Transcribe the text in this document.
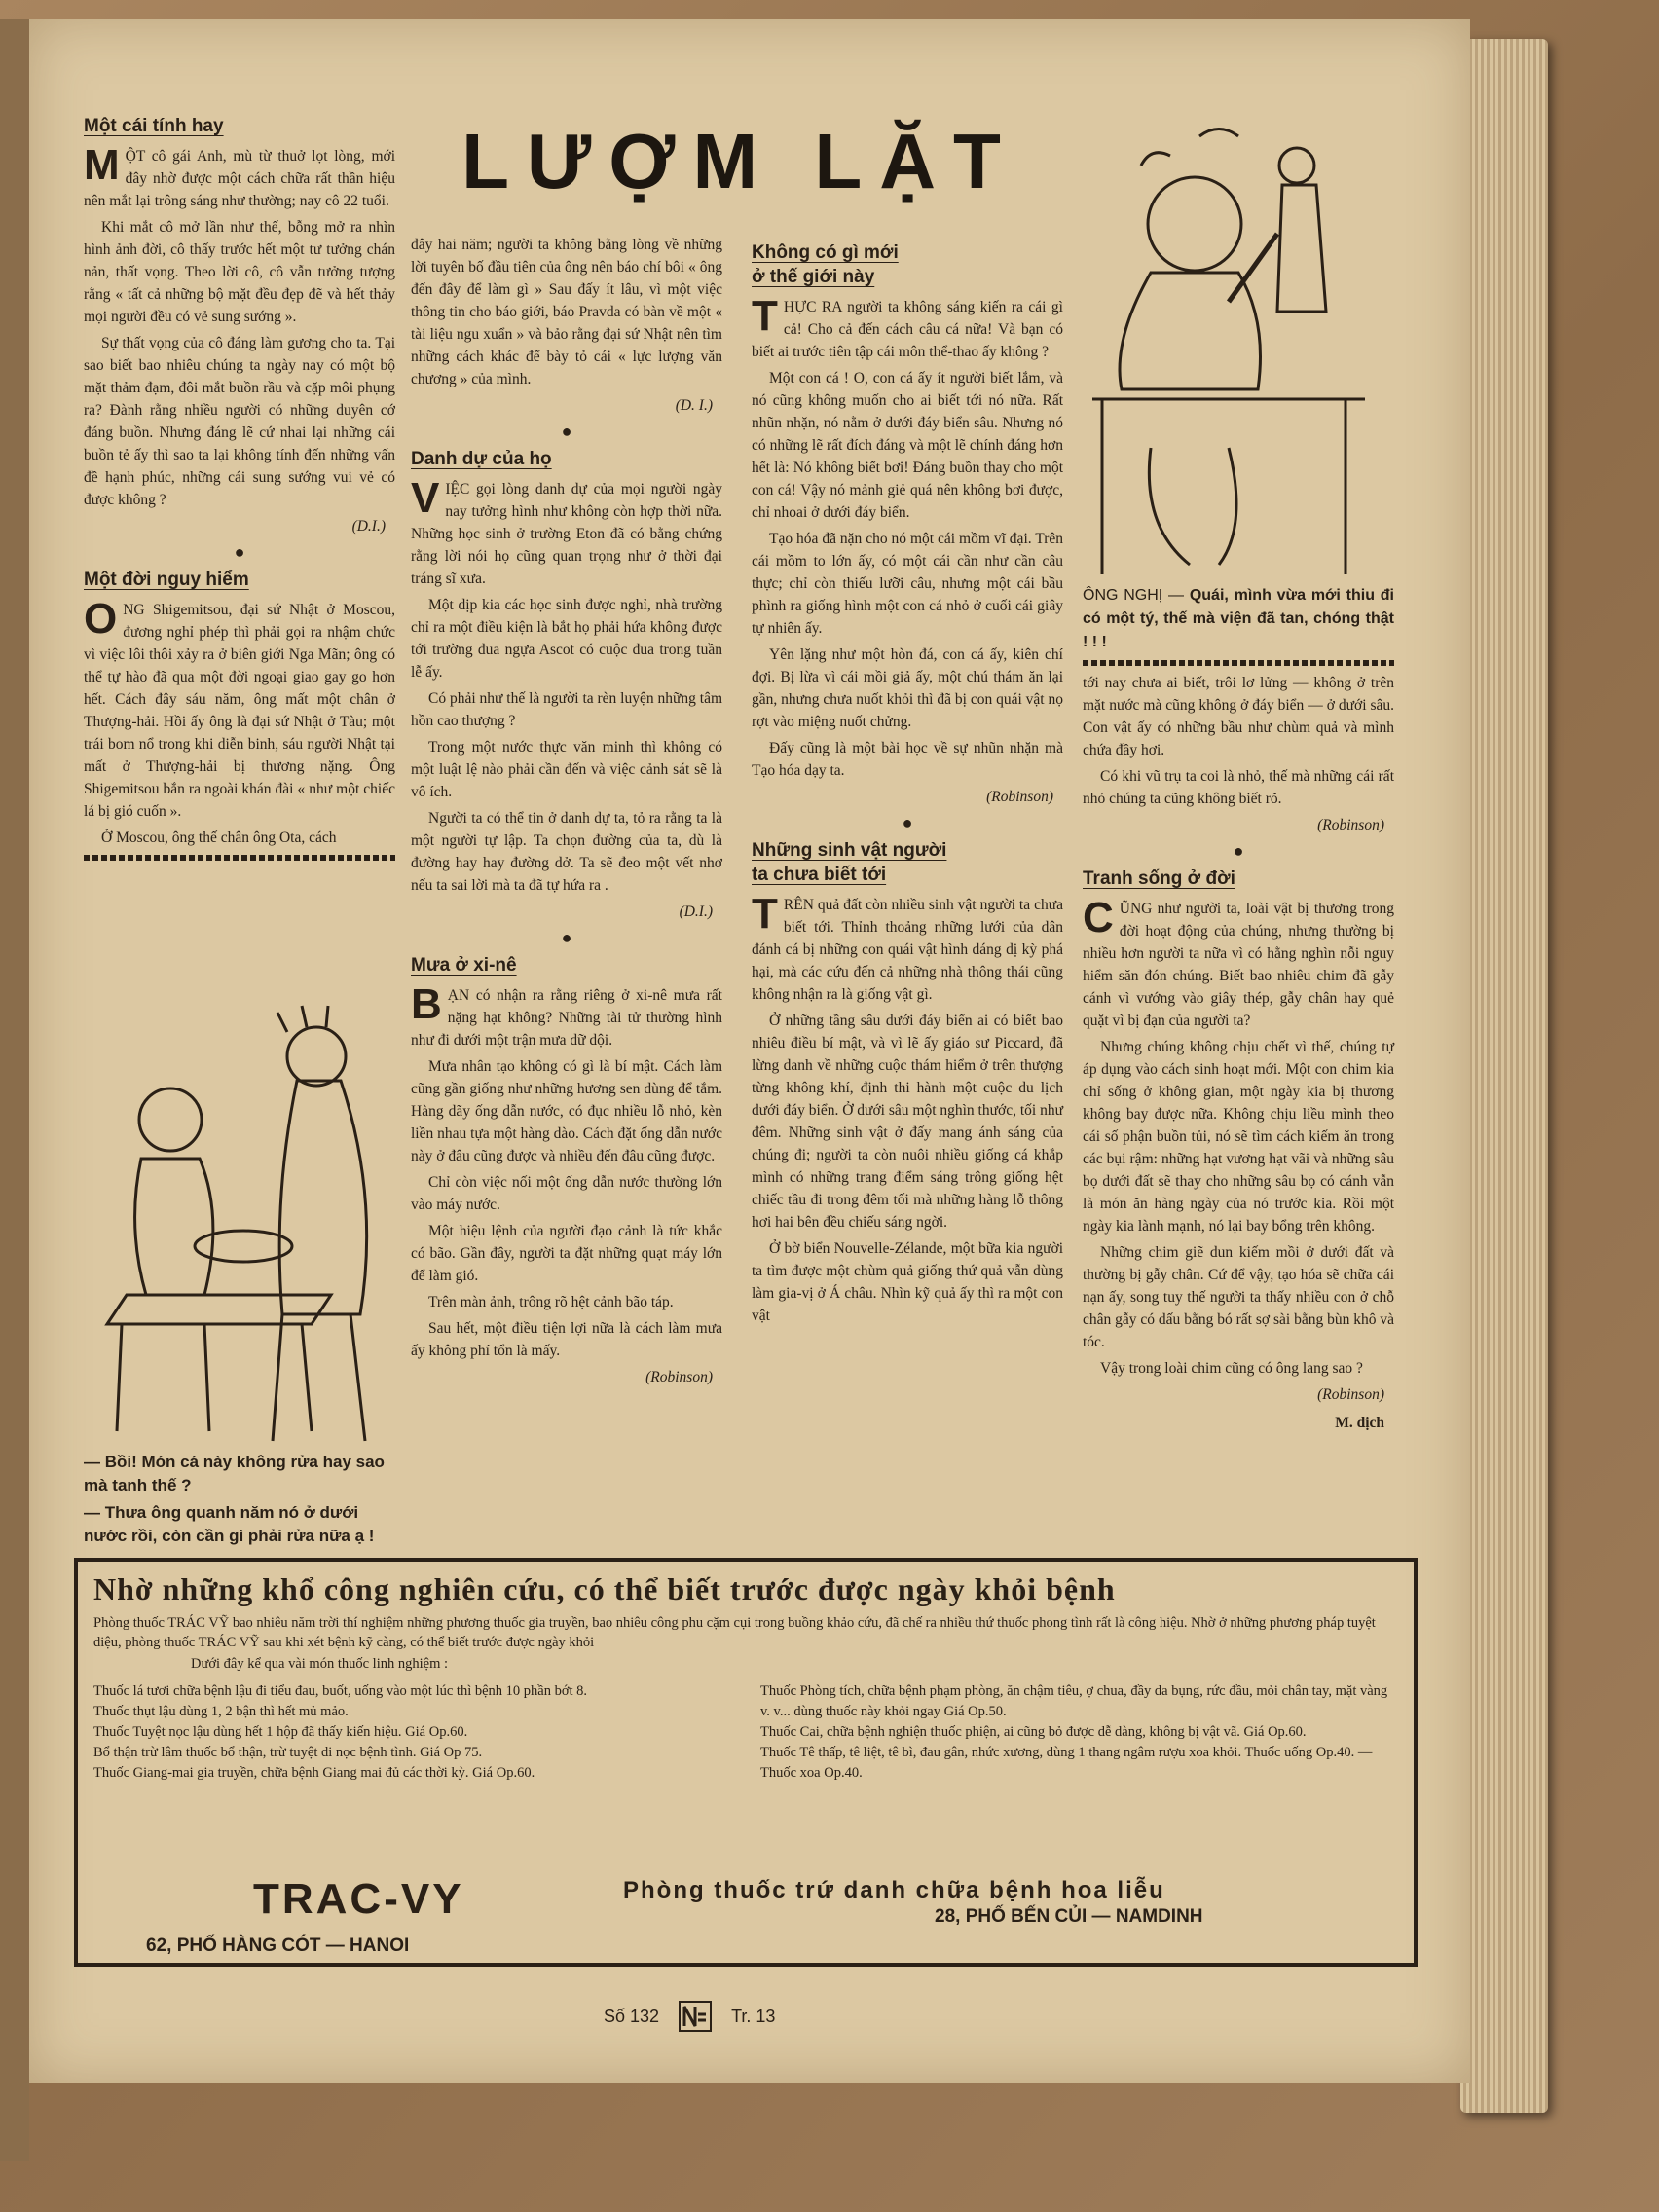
LƯỢM LẶT
Một cái tính hay

MỘT cô gái Anh, mù từ thuở lọt lòng, mới đây nhờ được một cách chữa rất thần hiệu nên mắt lại trông sáng như thường; nay cô 22 tuổi.

Khi mắt cô mở lần như thế, bỗng mở ra nhìn hình ảnh đời, cô thấy trước hết một tư tưởng chán nản, thất vọng. Theo lời cô, cô vẫn tưởng tượng rằng « tất cả những bộ mặt đều đẹp đẽ và hết thảy mọi người đều có vẻ sung sướng ».

Sự thất vọng của cô đáng làm gương cho ta. Tại sao biết bao nhiêu chúng ta ngày nay có một bộ mặt thảm đạm, đôi mắt buồn rầu và cặp môi phụng ra? Đành rằng nhiều người có những duyên cớ đáng buồn. Nhưng đáng lẽ cứ nhai lại những cái buồn tẻ ấy thì sao ta lại không tính đến những vấn đề hạnh phúc, những cái sung sướng vui vẻ có được không ?

(D.I.)
●
Một đời nguy hiểm

ONG Shigemitsou, đại sứ Nhật ở Moscou, đương nghỉ phép thì phải gọi ra nhậm chức vì việc lôi thôi xảy ra ở biên giới Nga Mãn; ông có thể tự hào đã qua một đời ngoại giao gay go hơn hết. Cách đây sáu năm, ông mất một chân ở Thượng-hải. Hồi ấy ông là đại sứ Nhật ở Tàu; một trái bom nổ trong khi diễn binh, sáu người Nhật tại mất ở Thượng-hải bị thương nặng. Ông Shigemitsou bắn ra ngoài khán đài « như một chiếc lá bị gió cuốn ».

Ở Moscou, ông thế chân ông Ota, cách

— Bồi! Món cá này không rửa hay sao mà tanh thế ?
— Thưa ông quanh năm nó ở dưới nước rồi, còn cần gì phải rửa nữa ạ !

đây hai năm; người ta không bằng lòng về những lời tuyên bố đầu tiên của ông nên báo chí bôi « ông đến đây để làm gì » Sau đấy ít lâu, vì một việc thông tin cho báo giới, báo Pravda có bàn về một « tài liệu ngu xuẩn » và bảo rằng đại sứ Nhật nên tìm những cách khác để bày tỏ cái « lực lượng văn chương » của mình.

(D. I.)
●
Danh dự của họ

VIỆC gọi lòng danh dự của mọi người ngày nay tưởng hình như không còn hợp thời nữa. Những học sinh ở trường Eton đã có bằng chứng rằng lời nói họ cũng quan trọng như ở thời đại tráng sĩ xưa.

Một dịp kia các học sinh được nghỉ, nhà trường chỉ ra một điều kiện là bắt họ phải hứa không được tới trường đua ngựa Ascot có cuộc đua trong tuần lễ ấy.

Có phải như thế là người ta rèn luyện những tâm hồn cao thượng ?

Trong một nước thực văn minh thì không có một luật lệ nào phải cần đến và việc cảnh sát sẽ là vô ích.

Người ta có thể tin ở danh dự ta, tỏ ra rằng ta là một người tự lập. Ta chọn đường của ta, dù là đường hay hay đường dở. Ta sẽ đeo một vết nhơ nếu ta sai lời mà ta đã tự hứa ra .

(D.I.)
●
Mưa ở xi-nê

BẠN có nhận ra rằng riêng ở xi-nê mưa rất nặng hạt không? Những tài tử thường hình như đi dưới một trận mưa dữ dội.

Mưa nhân tạo không có gì là bí mật. Cách làm cũng gần giống như những hương sen dùng để tắm. Hàng dãy ống dẫn nước, có đục nhiều lỗ nhỏ, kèn liền nhau tựa một hàng dào. Cách đặt ống dẫn nước này ở đâu cũng được và nhiều đến đâu cũng được.

Chỉ còn việc nối một ống dẫn nước thường lớn vào máy nước.

Một hiệu lệnh của người đạo cảnh là tức khắc có bão. Gần đây, người ta đặt những quạt máy lớn để làm gió.

Trên màn ảnh, trông rõ hệt cảnh bão táp.

Sau hết, một điều tiện lợi nữa là cách làm mưa ấy không phí tổn là mấy.

(Robinson)
Không có gì mới
ở thế giới này

THỰC RA người ta không sáng kiến ra cái gì cả! Cho cả đến cách câu cá nữa! Và bạn có biết ai trước tiên tập cái môn thể-thao ấy không ?

Một con cá ! O, con cá ấy ít người biết lắm, và nó cũng không muốn cho ai biết tới nó nữa. Rất nhũn nhặn, nó nằm ở dưới đáy biển sâu. Nhưng nó có những lẽ rất đích đáng và một lẽ chính đáng hơn hết là: Nó không biết bơi! Đáng buồn thay cho một con cá! Vậy nó mảnh giẻ quá nên không bơi được, chỉ nhoai ở dưới đáy biển.

Tạo hóa đã nặn cho nó một cái mồm vĩ đại. Trên cái mồm to lớn ấy, có một cái cần như cần câu thực; chỉ còn thiếu lưỡi câu, nhưng một cái bầu phình ra giống hình một con cá nhỏ ở cuối cái giây tự nhiên ấy.

Yên lặng như một hòn đá, con cá ấy, kiên chí đợi. Bị lừa vì cái mồi giả ấy, một chú thám ăn lại gần, nhưng chưa nuốt khỏi thì đã bị con quái vật nọ rợt vào miệng nuốt chửng.

Đấy cũng là một bài học về sự nhũn nhặn mà Tạo hóa dạy ta.

(Robinson)
●
Những sinh vật người
ta chưa biết tới

TRÊN quả đất còn nhiều sinh vật người ta chưa biết tới. Thỉnh thoảng những lưới của dân đánh cá bị những con quái vật hình dáng dị kỳ phá hại, mà các cứu đến cả những nhà thông thái cũng không nhận ra là giống vật gì.

Ở những tầng sâu dưới đáy biển ai có biết bao nhiêu điều bí mật, và vì lẽ ấy giáo sư Piccard, đã lừng danh về những cuộc thám hiểm ở trên thượng từng không khí, định thi hành một cuộc du lịch dưới đáy biển. Ở dưới sâu một nghìn thước, tối như đêm. Những sinh vật ở đấy mang ánh sáng của chúng đi; người ta còn nuôi nhiều giống cá khắp mình có những trang điểm sáng trông giống hệt chiếc tầu đi trong đêm tối mà những hàng lỗ thông hơi hai bên đều chiếu sáng ngời.

Ở bờ biển Nouvelle-Zélande, một bữa kia người ta tìm được một chùm quả giống thứ quả vẫn dùng làm gia-vị ở Á châu. Nhìn kỹ quả ấy thì ra một con vật

ÔNG NGHỊ — Quái, mình vừa mới thiu đi có một tý, thế mà viện đã tan, chóng thật ! ! !

tới nay chưa ai biết, trôi lơ lửng — không ở trên mặt nước mà cũng không ở đáy biển — ở dưới sâu. Con vật ấy có những bầu như chùm quả và mình chứa đầy hơi.

Có khi vũ trụ ta coi là nhỏ, thế mà những cái rất nhỏ chúng ta cũng không biết rõ.

(Robinson)
●
Tranh sống ở đời

CŨNG như người ta, loài vật bị thương trong đời hoạt động của chúng, nhưng thường bị nhiều hơn người ta nữa vì có hằng nghìn nỗi nguy hiểm săn đón chúng. Biết bao nhiêu chim đã gẫy cánh vì vướng vào giây thép, gẫy chân hay quẻ quặt vì bị đạn của người ta?

Nhưng chúng không chịu chết vì thế, chúng tự áp dụng vào cách sinh hoạt mới. Một con chim kia chỉ sống ở không gian, một ngày kia bị thương không bay được nữa. Không chịu liều mình theo cái số phận buồn tủi, nó sẽ tìm cách kiếm ăn trong các bụi rậm: những hạt vương hạt vãi và những sâu bọ dưới đất sẽ thay cho những sâu bọ có cánh vẫn là món ăn hàng ngày của nó trước kia. Rồi một ngày kia lành mạnh, nó lại bay bổng trên không.

Những chim giẽ dun kiếm mồi ở dưới đất và thường bị gẫy chân. Cứ để vậy, tạo hóa sẽ chữa cái nạn ấy, song tuy thế người ta thấy nhiều con ở chỗ chân gẫy có dấu bằng bó rất sợ sài bằng bùn khô và tóc.

Vậy trong loài chim cũng có ông lang sao ?

(Robinson)
M. dịch
Nhờ những khổ công nghiên cứu, có thể biết trước được ngày khỏi bệnh
Phòng thuốc TRÁC VỸ bao nhiêu năm trời thí nghiệm những phương thuốc gia truyền, bao nhiêu công phu cặm cụi trong buồng khảo cứu, đã chế ra nhiều thứ thuốc phong tình rất là công hiệu. Nhờ ở những phương pháp tuyệt diệu, phòng thuốc TRÁC VỸ sau khi xét bệnh kỹ càng, có thể biết trước được ngày khỏi
Dưới đây kể qua vài món thuốc linh nghiệm :
Thuốc lá tươi chữa bệnh lậu đi tiểu đau, buốt, uống vào một lúc thì bệnh 10 phần bớt 8.
Thuốc thụt lậu dùng 1, 2 bận thì hết mủ mảo.
Thuốc Tuyệt nọc lậu dùng hết 1 hộp đã thấy kiến hiệu. Giá Op.60.
Bổ thận trừ lâm thuốc bổ thận, trừ tuyệt di nọc bệnh tình. Giá Op 75.
Thuốc Giang-mai gia truyền, chữa bệnh Giang mai đủ các thời kỳ. Giá Op.60.
Thuốc Phòng tích, chữa bệnh phạm phòng, ăn chậm tiêu, ợ chua, đầy da bụng, rức đầu, mỏi chân tay, mặt vàng v. v... dùng thuốc này khỏi ngay Giá Op.50.
Thuốc Cai, chữa bệnh nghiện thuốc phiện, ai cũng bỏ được dễ dàng, không bị vật vã. Giá Op.60.
Thuốc Tê thấp, tê liệt, tê bì, đau gân, nhức xương, dùng 1 thang ngâm rượu xoa khỏi. Thuốc uống Op.40. — Thuốc xoa Op.40.
TRAC-VY	Phòng thuốc trứ danh chữa bệnh hoa liễu
62, PHỐ HÀNG CÓT — HANOI
28, PHỐ BẾN CỦI — NAMDINH
Số 132	Tr. 13
